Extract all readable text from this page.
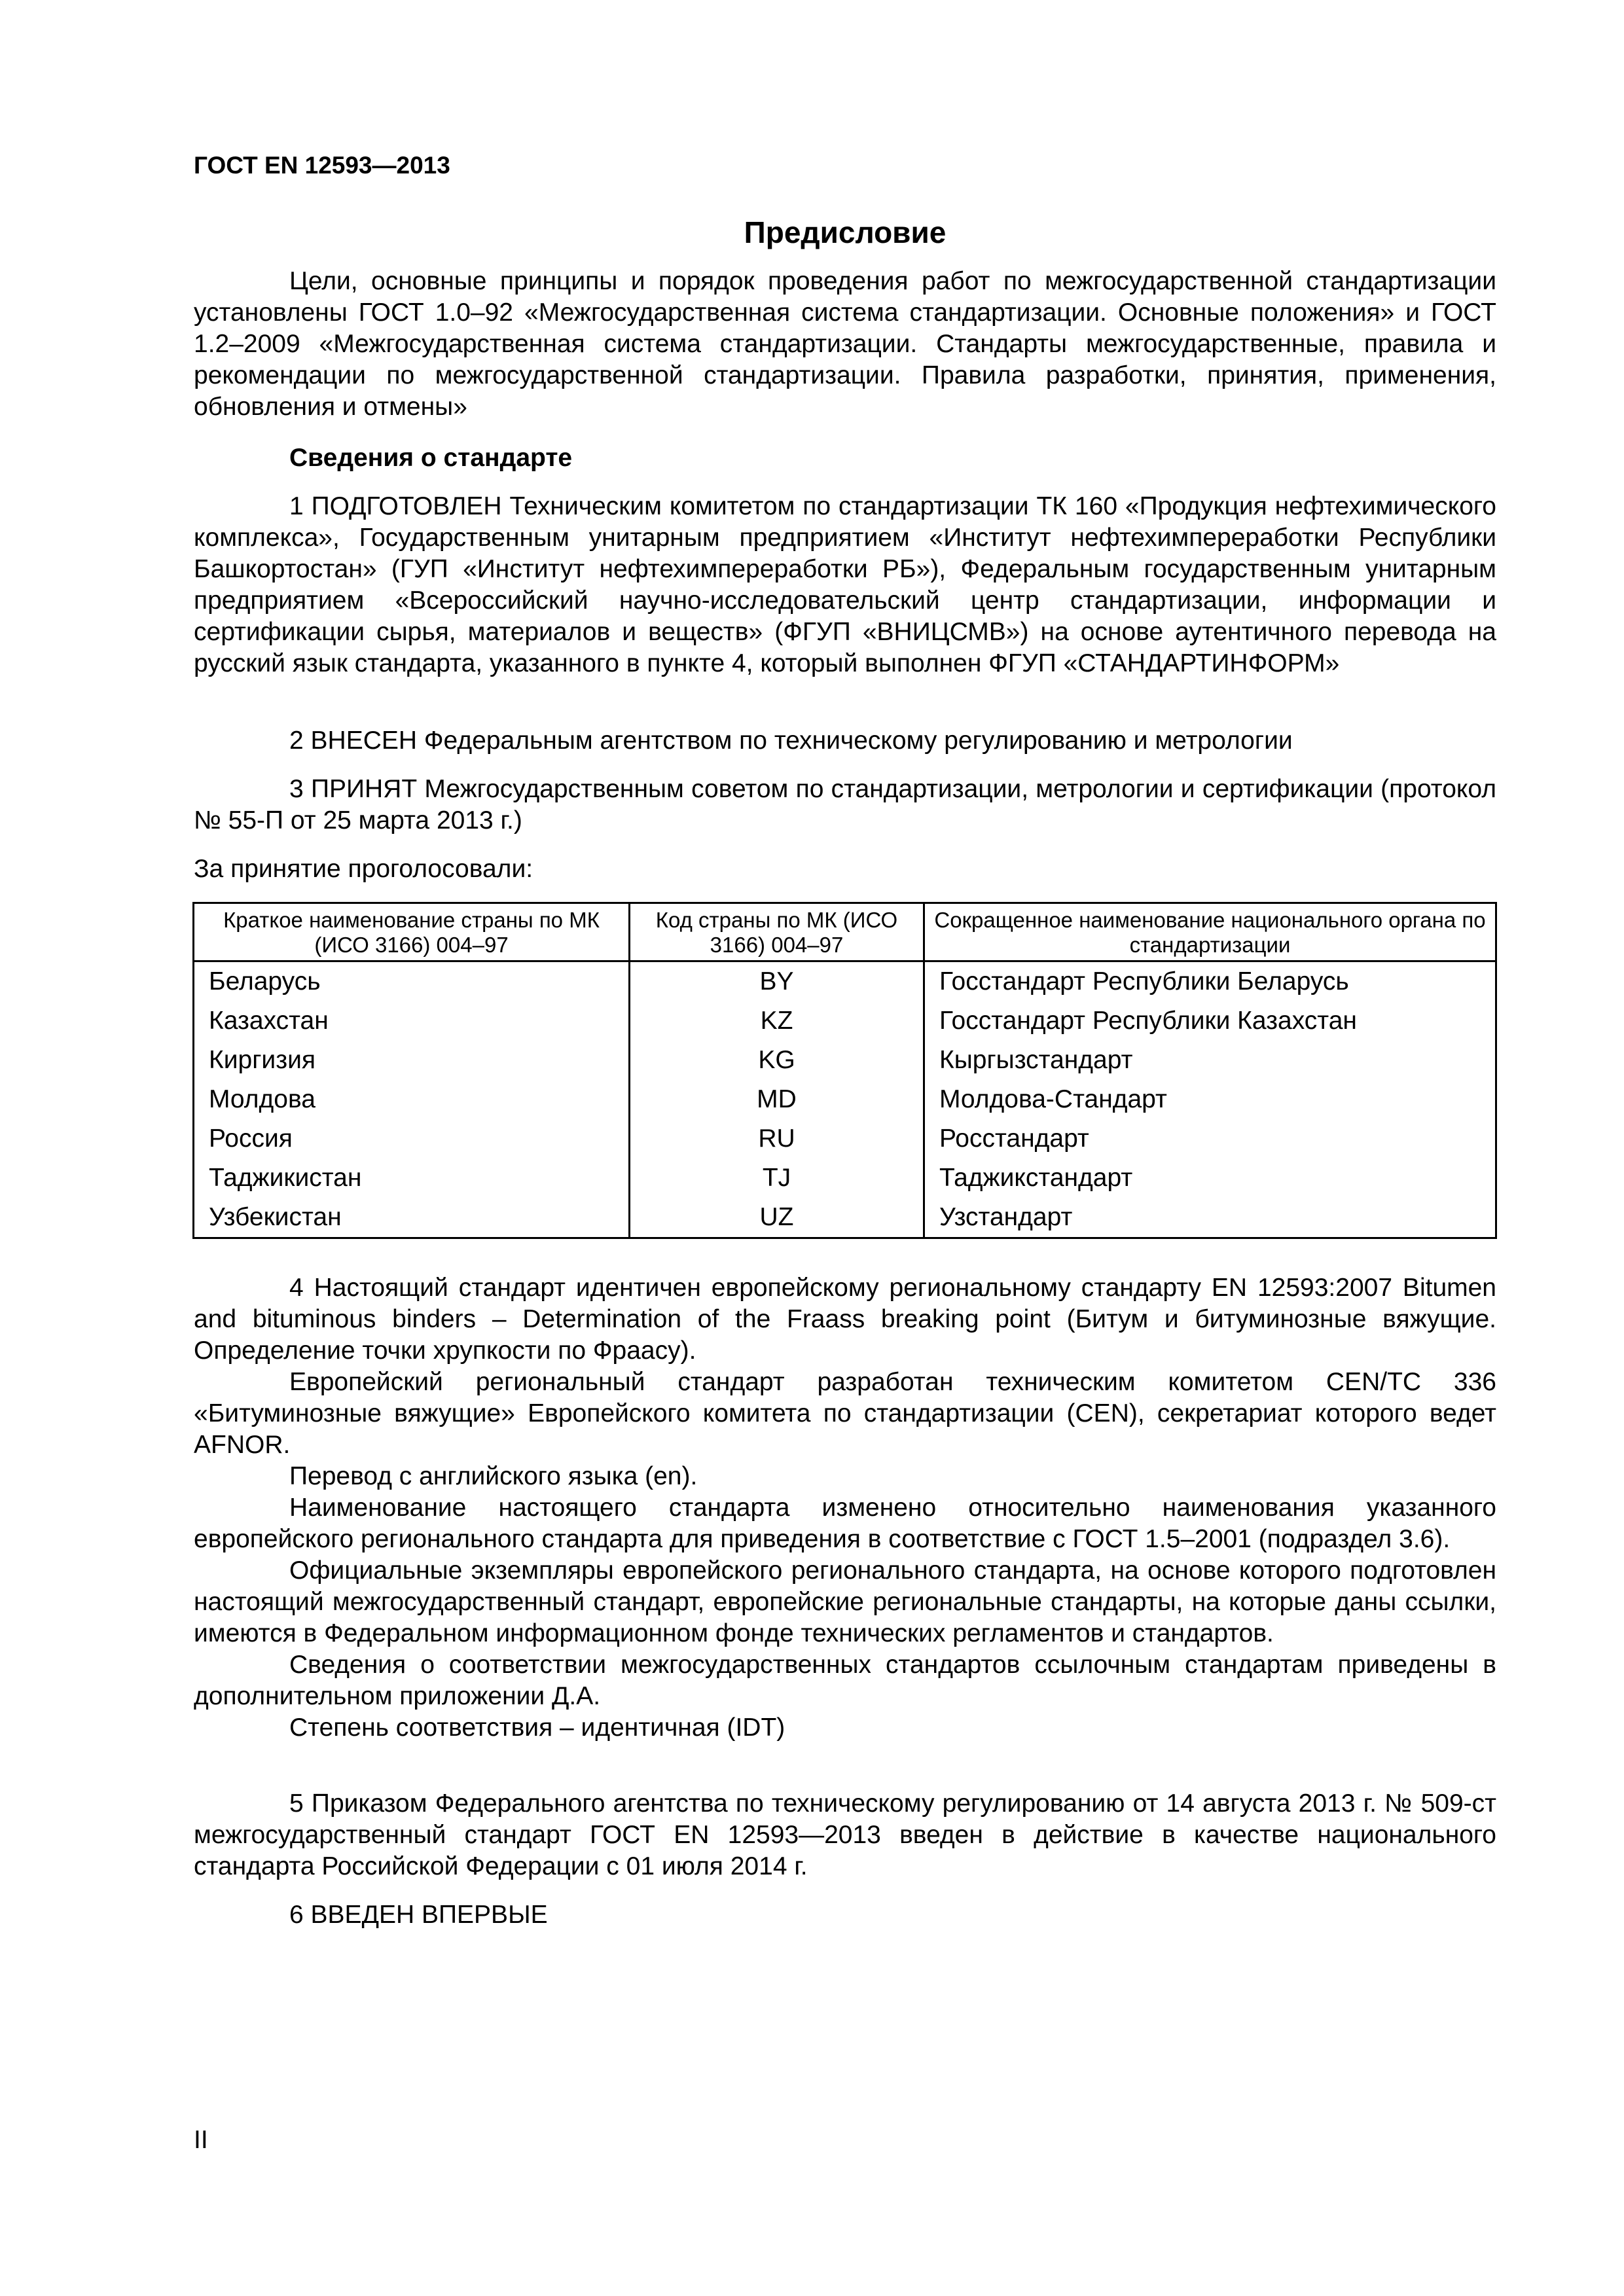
ГОСТ EN 12593—2013
Предисловие
Цели, основные принципы и порядок проведения работ по межгосударственной стандартизации установлены ГОСТ 1.0–92 «Межгосударственная система стандартизации. Основные положения» и ГОСТ 1.2–2009 «Межгосударственная система стандартизации. Стандарты межгосударственные, правила и рекомендации по межгосударственной стандартизации. Правила разработки, принятия, применения, обновления и отмены»
Сведения о стандарте
1 ПОДГОТОВЛЕН Техническим комитетом по стандартизации ТК 160 «Продукция нефтехимического комплекса», Государственным унитарным предприятием «Институт нефтехимпереработки Республики Башкортостан» (ГУП «Институт нефтехимпереработки РБ»), Федеральным государственным унитарным предприятием «Всероссийский научно-исследовательский центр стандартизации, информации и сертификации сырья, материалов и веществ» (ФГУП «ВНИЦСМВ») на основе аутентичного перевода на русский язык стандарта, указанного в пункте 4, который выполнен ФГУП «СТАНДАРТИНФОРМ»
2 ВНЕСЕН Федеральным агентством по техническому регулированию и метрологии
3 ПРИНЯТ Межгосударственным советом по стандартизации, метрологии и сертификации (протокол № 55-П от 25 марта 2013 г.)
За принятие проголосовали:
Краткое наименование страны по МК (ИСО 3166) 004–97	Код страны по МК (ИСО 3166) 004–97	Сокращенное наименование национального органа по стандартизации
Беларусь	BY	Госстандарт Республики Беларусь
Казахстан	KZ	Госстандарт Республики Казахстан
Киргизия	KG	Кыргызстандарт
Молдова	MD	Молдова-Стандарт
Россия	RU	Росстандарт
Таджикистан	TJ	Таджикстандарт
Узбекистан	UZ	Узстандарт
4 Настоящий стандарт идентичен европейскому региональному стандарту EN 12593:2007 Bitumen and bituminous binders – Determination of the Fraass breaking point (Битум и битуминозные вяжущие. Определение точки хрупкости по Фраасу).
Европейский региональный стандарт разработан техническим комитетом CEN/TC 336 «Битуминозные вяжущие» Европейского комитета по стандартизации (CEN), секретариат которого ведет AFNOR.
Перевод с английского языка (en).
Наименование настоящего стандарта изменено относительно наименования указанного европейского регионального стандарта для приведения в соответствие с ГОСТ 1.5–2001 (подраздел 3.6).
Официальные экземпляры европейского регионального стандарта, на основе которого подготовлен настоящий межгосударственный стандарт, европейские региональные стандарты, на которые даны ссылки, имеются в Федеральном информационном фонде технических регламентов и стандартов.
Сведения о соответствии межгосударственных стандартов ссылочным стандартам приведены в дополнительном приложении Д.А.
Степень соответствия – идентичная (IDT)
5 Приказом Федерального агентства по техническому регулированию от 14 августа 2013 г. № 509-ст межгосударственный стандарт ГОСТ EN 12593—2013 введен в действие в качестве национального стандарта Российской Федерации с 01 июля 2014 г.
6 ВВЕДЕН ВПЕРВЫЕ
II
